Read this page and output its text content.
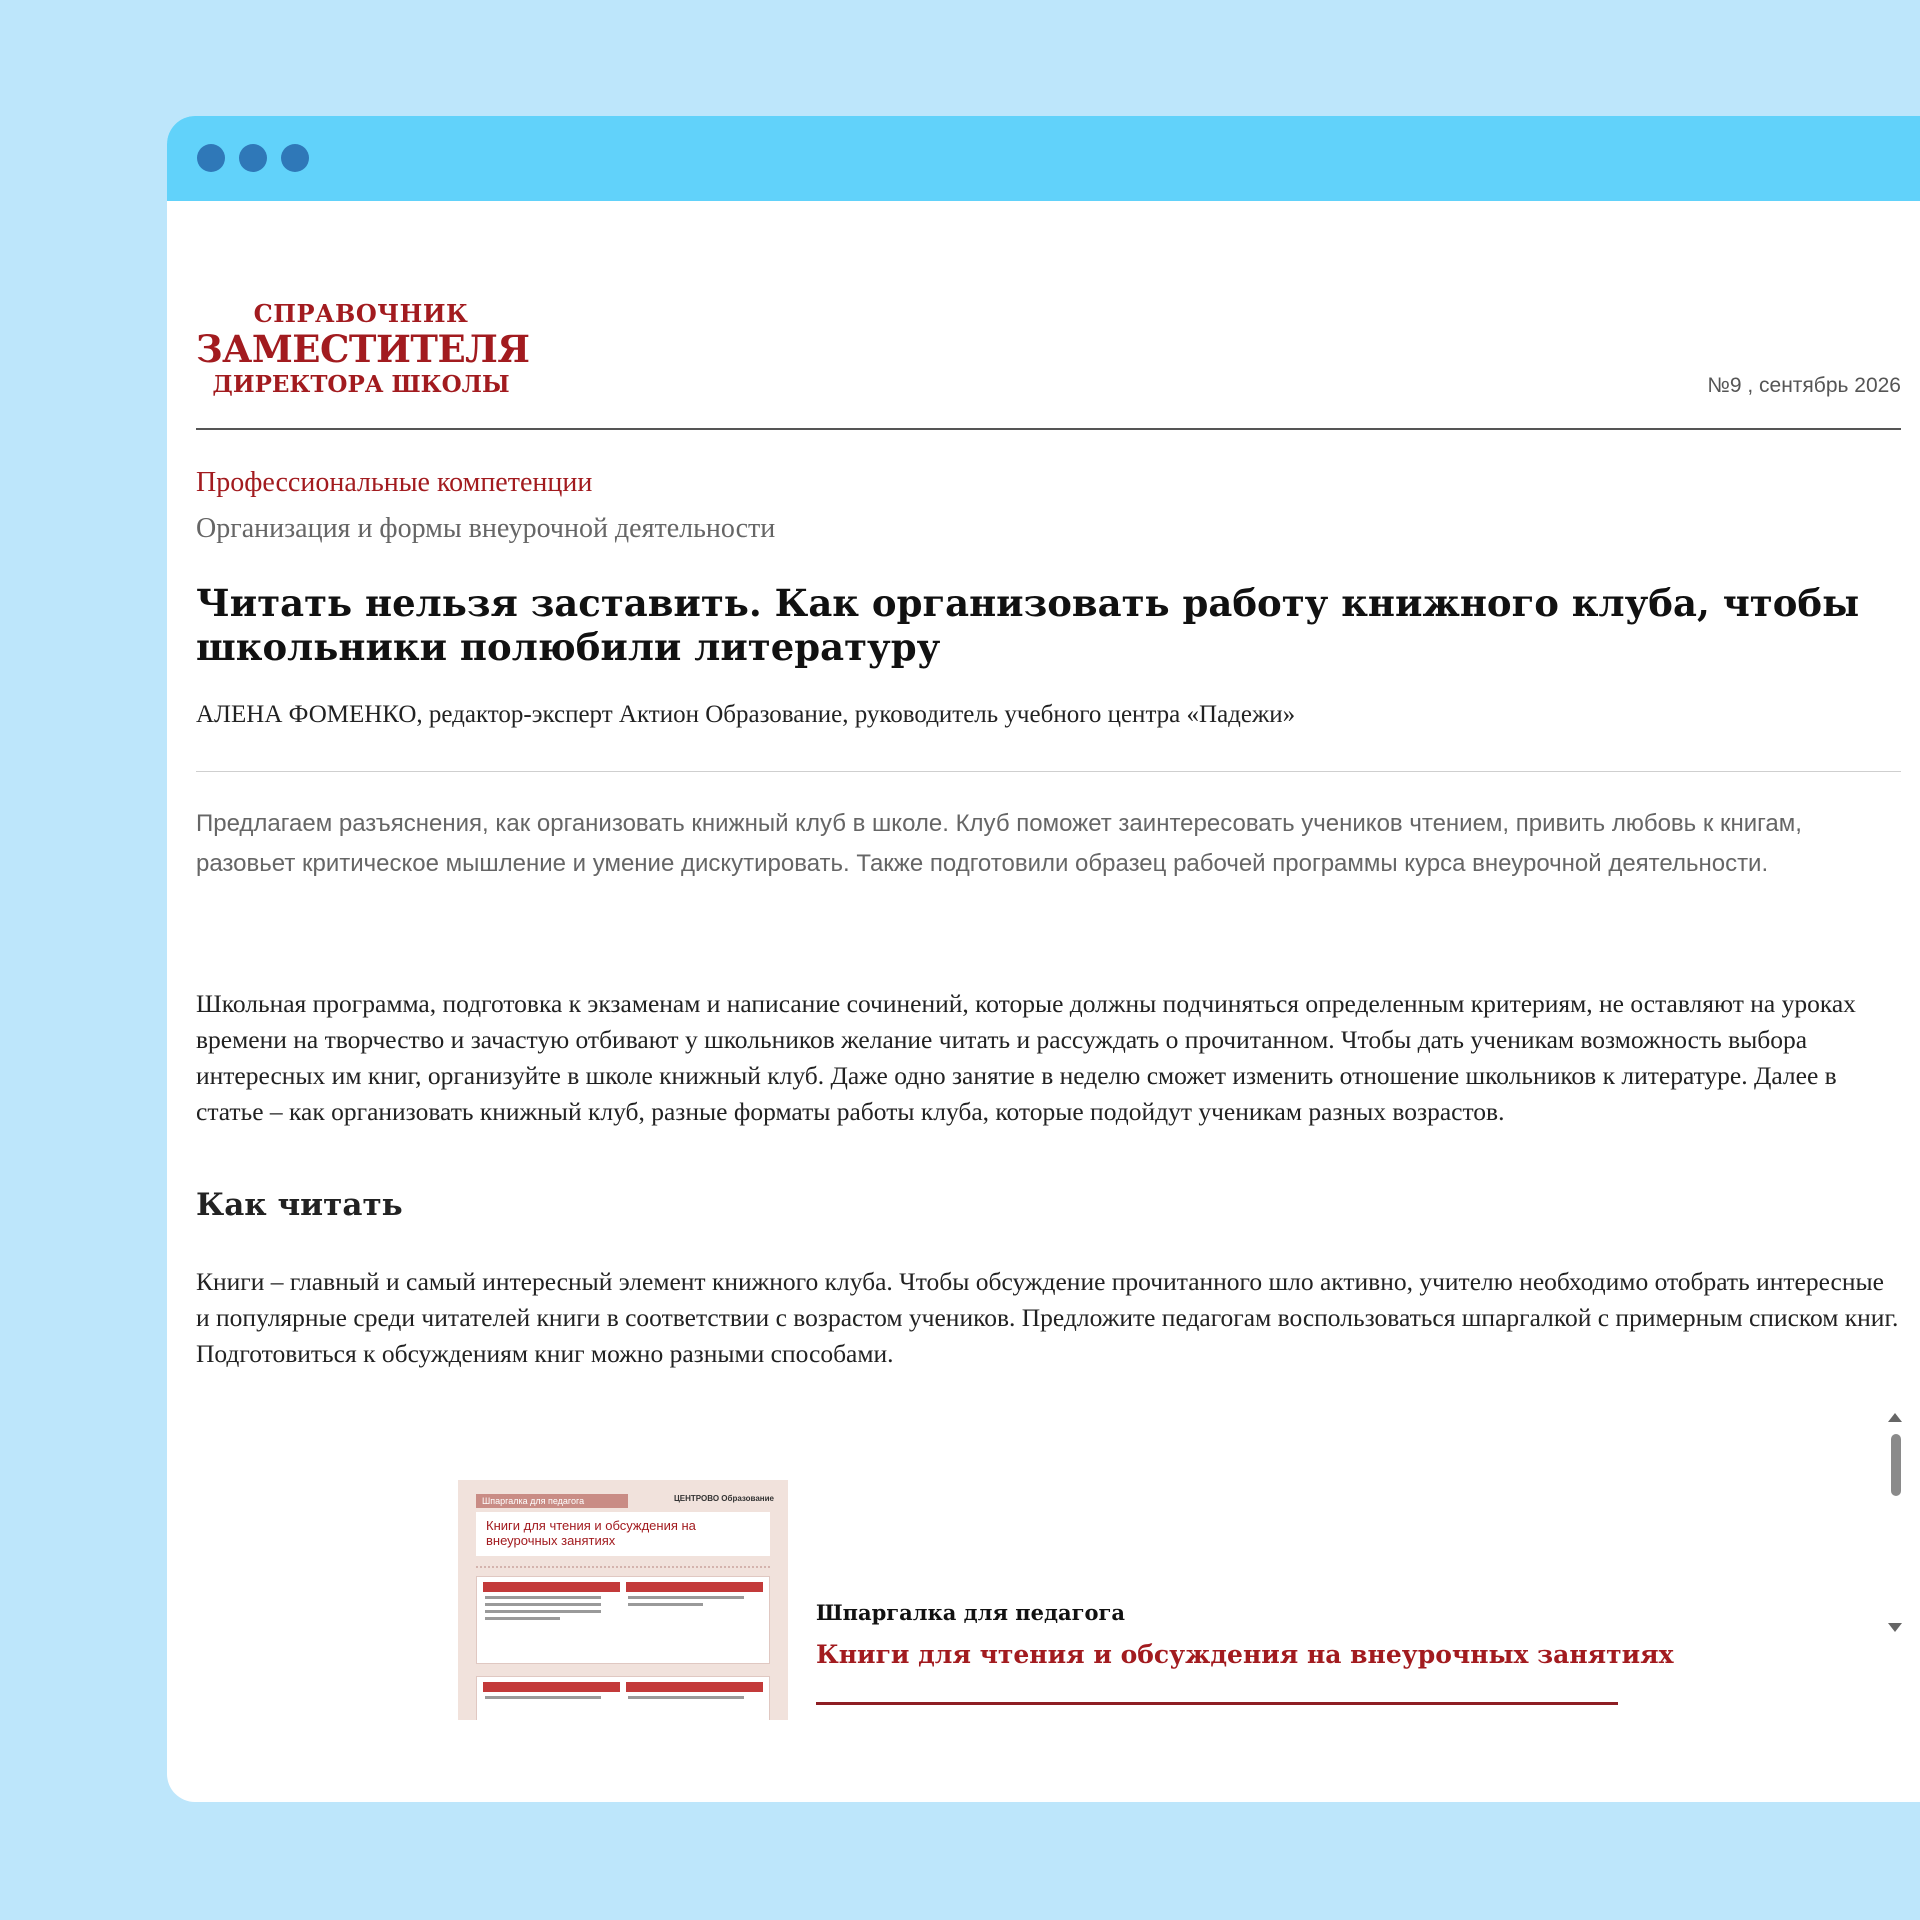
СПРАВОЧНИК
ЗАМЕСТИТЕЛЯ
ДИРЕКТОРА ШКОЛЫ	№9 , сентябрь 2026
Профессиональные компетенции
Организация и формы внеурочной деятельности
Читать нельзя заставить. Как организовать работу книжного клуба, чтобы школьники полюбили литературу
АЛЕНА ФОМЕНКО, редактор-эксперт Актион Образование, руководитель учебного центра «Падежи»

Предлагаем разъяснения, как организовать книжный клуб в школе. Клуб поможет заинтересовать учеников чтением, привить любовь к книгам, разовьет критическое мышление и умение дискутировать. Также подготовили образец рабочей программы курса внеурочной деятельности.

Школьная программа, подготовка к экзаменам и написание сочинений, которые должны подчиняться определенным критериям, не оставляют на уроках времени на творчество и зачастую отбивают у школьников желание читать и рассуждать о прочитанном. Чтобы дать ученикам возможность выбора интересных им книг, организуйте в школе книжный клуб. Даже одно занятие в неделю сможет изменить отношение школьников к литературе. Далее в статье – как организовать книжный клуб, разные форматы работы клуба, которые подойдут ученикам разных возрастов.

Как читать

Книги – главный и самый интересный элемент книжного клуба. Чтобы обсуждение прочитанного шло активно, учителю необходимо отобрать интересные и популярные среди читателей книги в соответствии с возрастом учеников. Предложите педагогам воспользоваться шпаргалкой с примерным списком книг. Подготовиться к обсуждениям книг можно разными способами.

Шпаргалка для педагога	ЦЕНТРОВО Образование
Книги для чтения и обсуждения на внеурочных занятиях

Шпаргалка для педагога
Книги для чтения и обсуждения на внеурочных занятиях
